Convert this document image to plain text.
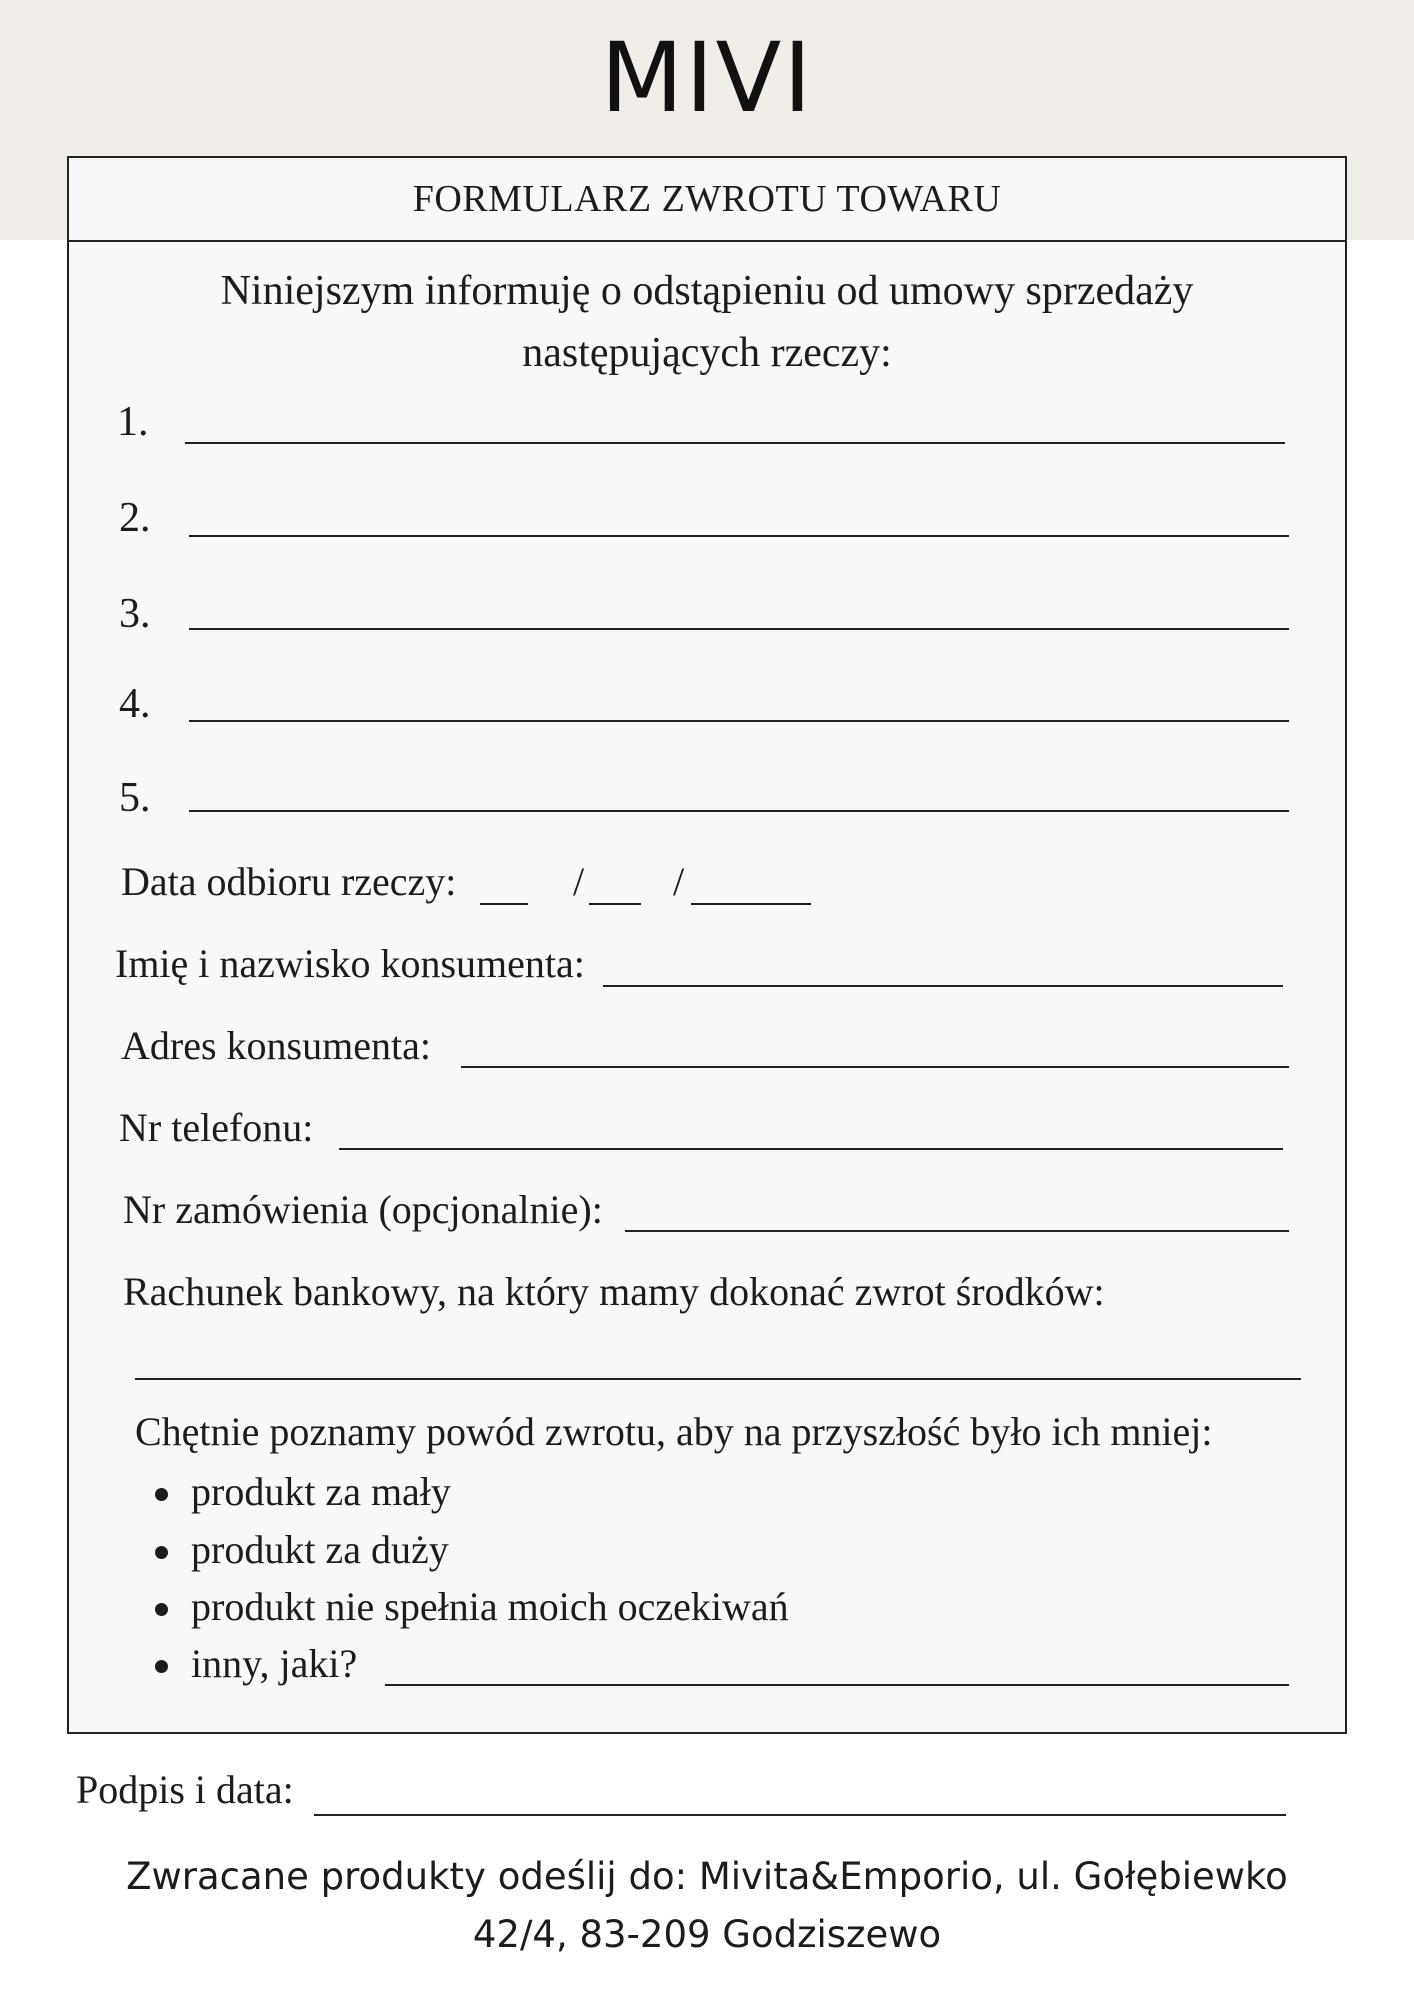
MIVI
FORMULARZ ZWROTU TOWARU
Niniejszym informuję o odstąpieniu od umowy sprzedaży
następujących rzeczy:
1.
2.
3.
4.
5.
Data odbioru rzeczy:	/ /
Imię i nazwisko konsumenta:
Adres konsumenta:
Nr telefonu:
Nr zamówienia (opcjonalnie):
Rachunek bankowy, na który mamy dokonać zwrot środków:
Chętnie poznamy powód zwrotu, aby na przyszłość było ich mniej:
produkt za mały
produkt za duży
produkt nie spełnia moich oczekiwań
inny, jaki?
Podpis i data:
Zwracane produkty odeślij do: Mivita&Emporio, ul. Gołębiewko
42/4, 83-209 Godziszewo
